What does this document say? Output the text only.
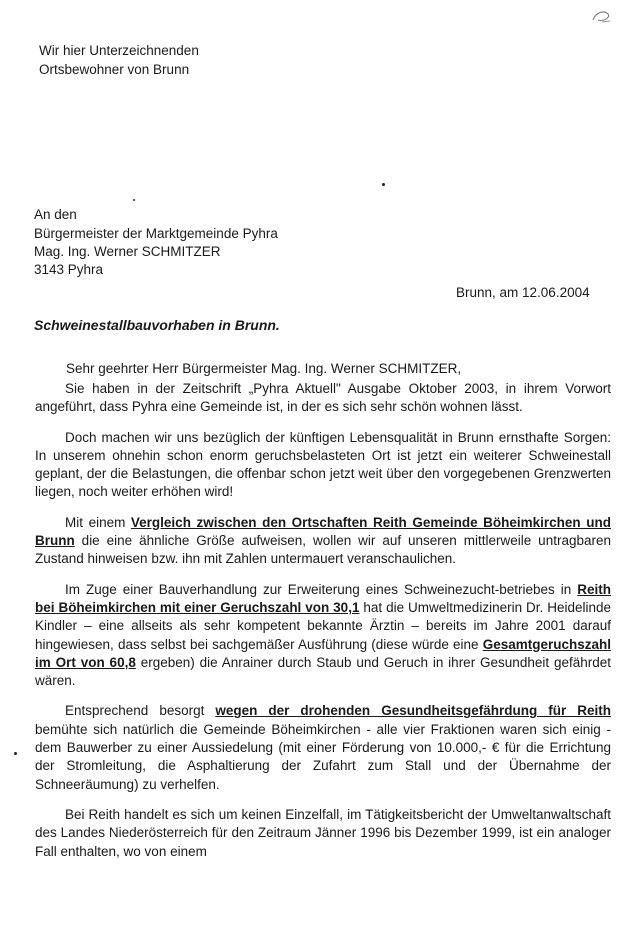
Wir hier Unterzeichnenden
Ortsbewohner von Brunn
An den
Bürgermeister der Marktgemeinde Pyhra
Mag. Ing. Werner SCHMITZER
3143 Pyhra
Brunn, am 12.06.2004
Schweinestallbauvorhaben in Brunn.
Sehr geehrter Herr Bürgermeister Mag. Ing. Werner SCHMITZER,

Sie haben in der Zeitschrift „Pyhra Aktuell" Ausgabe Oktober 2003, in ihrem Vorwort angeführt, dass Pyhra eine Gemeinde ist, in der es sich sehr schön wohnen lässt.

Doch machen wir uns bezüglich der künftigen Lebensqualität in Brunn ernsthafte Sorgen: In unserem ohnehin schon enorm geruchsbelasteten Ort ist jetzt ein weiterer Schweinestall geplant, der die Belastungen, die offenbar schon jetzt weit über den vorgegebenen Grenzwerten liegen, noch weiter erhöhen wird!

Mit einem Vergleich zwischen den Ortschaften Reith Gemeinde Böheimkirchen und Brunn die eine ähnliche Größe aufweisen, wollen wir auf unseren mittlerweile untragbaren Zustand hinweisen bzw. ihn mit Zahlen untermauert veranschaulichen.

Im Zuge einer Bauverhandlung zur Erweiterung eines Schweinezucht-betriebes in Reith bei Böheimkirchen mit einer Geruchszahl von 30,1 hat die Umweltmedizinerin Dr. Heidelinde Kindler – eine allseits als sehr kompetent bekannte Ärztin – bereits im Jahre 2001 darauf hingewiesen, dass selbst bei sachgemäßer Ausführung (diese würde eine Gesamtgeruchszahl im Ort von 60,8 ergeben) die Anrainer durch Staub und Geruch in ihrer Gesundheit gefährdet wären.

Entsprechend besorgt wegen der drohenden Gesundheitsgefährdung für Reith bemühte sich natürlich die Gemeinde Böheimkirchen - alle vier Fraktionen waren sich einig - dem Bauwerber zu einer Aussiedelung (mit einer Förderung von 10.000,- € für die Errichtung der Stromleitung, die Asphaltierung der Zufahrt zum Stall und der Übernahme der Schneeräumung) zu verhelfen.

Bei Reith handelt es sich um keinen Einzelfall, im Tätigkeitsbericht der Umweltanwaltschaft des Landes Niederösterreich für den Zeitraum Jänner 1996 bis Dezember 1999, ist ein analoger Fall enthalten, wo von einem
